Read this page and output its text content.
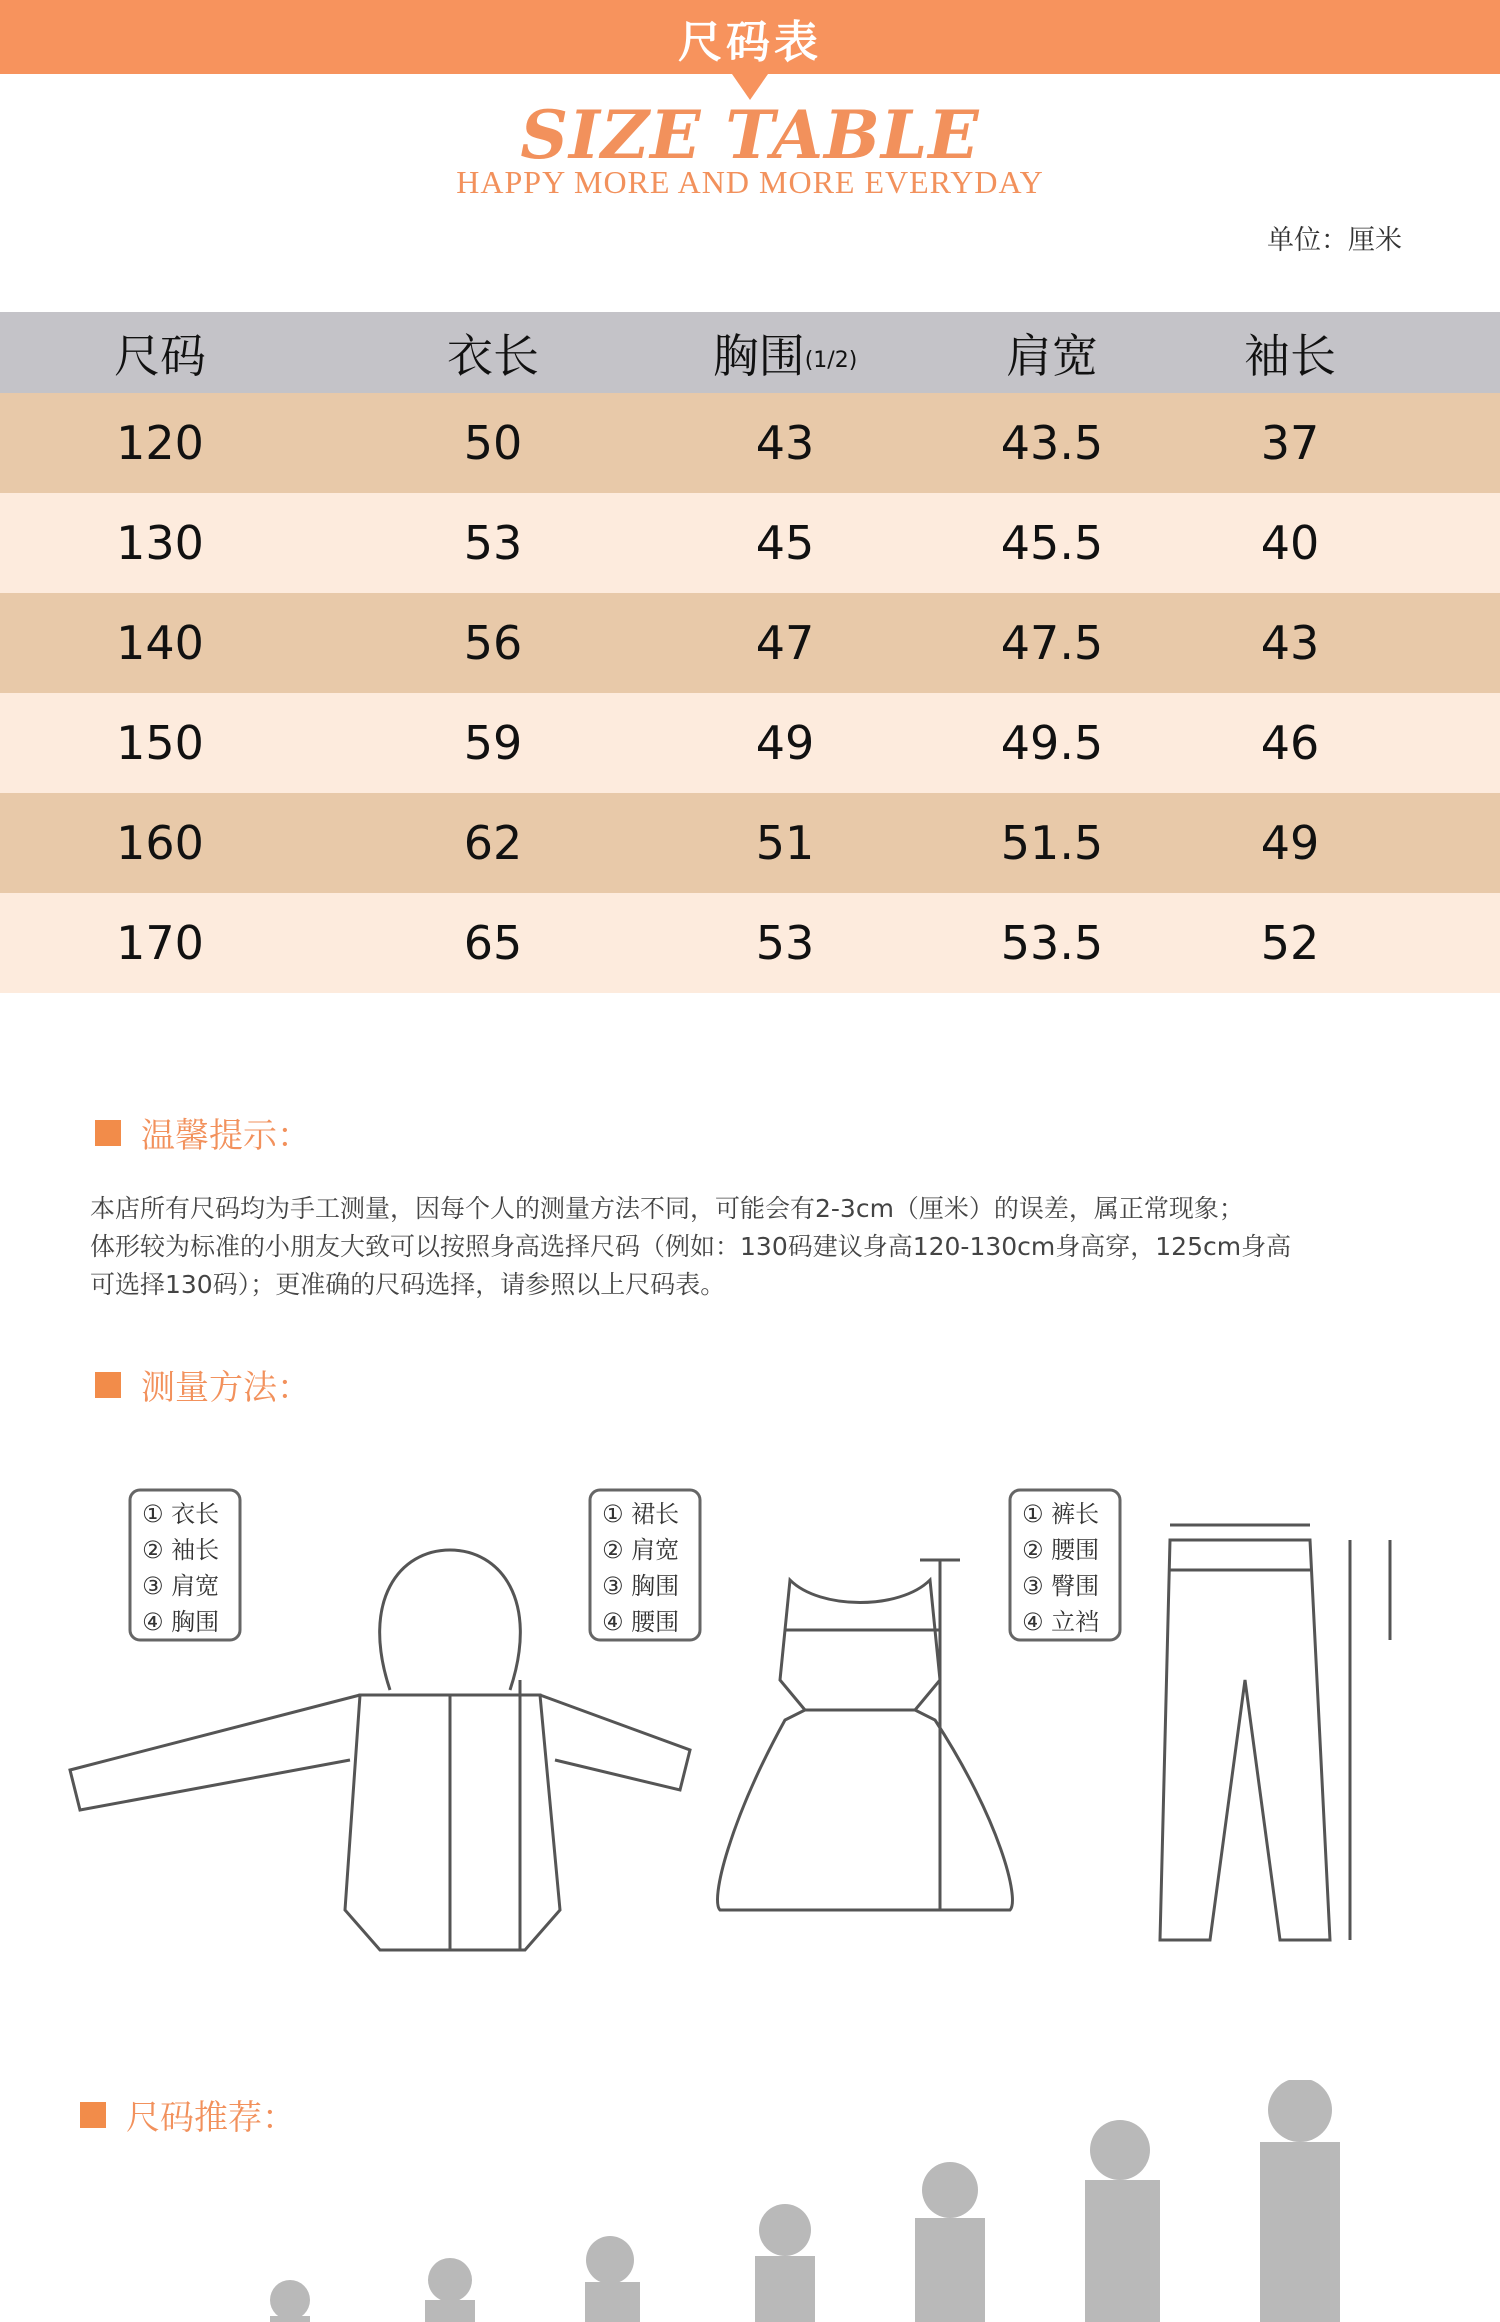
尺码表
SIZE TABLE
HAPPY MORE AND MORE EVERYDAY
单位：厘米
尺码	衣长	胸围 (1/2)	肩宽	袖长
120	50	43	43.5	37
130	53	45	45.5	40
140	56	47	47.5	43
150	59	49	49.5	46
160	62	51	51.5	49
170	65	53	53.5	52
温馨提示：
本店所有尺码均为手工测量，因每个人的测量方法不同，可能会有2-3cm（厘米）的误差，属正常现象；
体形较为标准的小朋友大致可以按照身高选择尺码（例如：130码建议身高120-130cm身高穿，125cm身高
可选择130码）；更准确的尺码选择，请参照以上尺码表。
测量方法：
① 衣长
② 袖长
③ 肩宽
④ 胸围
① 裙长
② 肩宽
③ 胸围
④ 腰围
① 裤长
② 腰围
③ 臀围
④ 立裆
尺码推荐：
